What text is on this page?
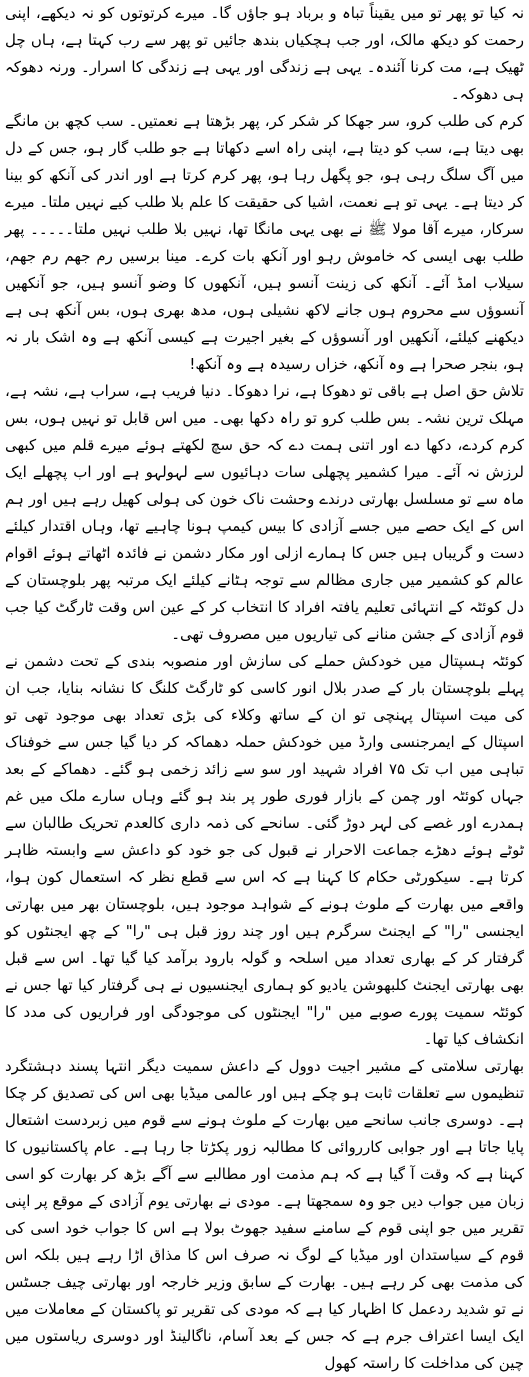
نہ کیا تو پھر تو میں یقیناً تباہ و برباد ہو جاؤں گا۔ میرے کرتوتوں کو نہ دیکھے، اپنی رحمت کو دیکھ مالک، اور جب ہچکیاں بندھ جائیں تو پھر سے رب کہتا ہے، ہاں چل ٹھیک ہے، مت کرنا آئندہ۔ یہی ہے زندگی اور یہی ہے زندگی کا اسرار۔ ورنہ دھوکہ ہی دھوکہ۔

کرم کی طلب کرو، سر جھکا کر شکر کر، پھر بڑھتا ہے نعمتیں۔ سب کچھ بن مانگے بھی دیتا ہے، سب کو دیتا ہے، اپنی راہ اسے دکھاتا ہے جو طلب گار ہو، جس کے دل میں آگ سلگ رہی ہو، جو پگھل رہا ہو، پھر کرم کرتا ہے اور اندر کی آنکھ کو بینا کر دیتا ہے۔ یہی تو ہے نعمت، اشیا کی حقیقت کا علم بلا طلب کیے نہیں ملتا۔ میرے سرکار، میرے آقا مولا ﷺ نے بھی یہی مانگا تھا، نہیں بلا طلب نہیں ملتا۔۔۔۔۔ پھر طلب بھی ایسی کہ خاموش رہو اور آنکھ بات کرے۔ مینا برسیں رم جھم رم جھم، سیلاب امڈ آئے۔ آنکھ کی زینت آنسو ہیں، آنکھوں کا وضو آنسو ہیں، جو آنکھیں آنسوؤں سے محروم ہوں جانے لاکھ نشیلی ہوں، مدھ بھری ہوں، بس آنکھ ہی ہے دیکھنے کیلئے، آنکھیں اور آنسوؤں کے بغیر اجیرت ہے کیسی آنکھ ہے وہ اشک بار نہ ہو، بنجر صحرا ہے وہ آنکھ، خزاں رسیدہ ہے وہ آنکھ!

تلاش حق اصل ہے باقی تو دھوکا ہے، نرا دھوکا۔ دنیا فریب ہے، سراب ہے، نشہ ہے، مہلک ترین نشہ۔ بس طلب کرو تو راہ دکھا بھی۔ میں اس قابل تو نہیں ہوں، بس کرم کردے، دکھا دے اور اتنی ہمت دے کہ حق سچ لکھتے ہوئے میرے قلم میں کبھی لرزش نہ آئے۔ میرا کشمیر پچھلی سات دہائیوں سے لہولہو ہے اور اب پچھلے ایک ماہ سے تو مسلسل بھارتی درندے وحشت ناک خون کی ہولی کھیل رہے ہیں اور ہم اس کے ایک حصے میں جسے آزادی کا بیس کیمپ ہونا چاہیے تھا، وہاں اقتدار کیلئے دست و گریباں ہیں جس کا ہمارے ازلی اور مکار دشمن نے فائدہ اٹھاتے ہوئے اقوام عالم کو کشمیر میں جاری مظالم سے توجہ ہٹانے کیلئے ایک مرتبہ پھر بلوچستان کے دل کوئٹہ کے انتہائی تعلیم یافتہ افراد کا انتخاب کر کے عین اس وقت ٹارگٹ کیا جب قوم آزادی کے جشن منانے کی تیاریوں میں مصروف تھی۔

کوئٹہ ہسپتال میں خودکش حملے کی سازش اور منصوبہ بندی کے تحت دشمن نے پہلے بلوچستان بار کے صدر بلال انور کاسی کو ٹارگٹ کلنگ کا نشانہ بنایا، جب ان کی میت اسپتال پہنچی تو ان کے ساتھ وکلاء کی بڑی تعداد بھی موجود تھی تو اسپتال کے ایمرجنسی وارڈ میں خودکش حملہ دھماکہ کر دیا گیا جس سے خوفناک تباہی میں اب تک ۷۵ افراد شہید اور سو سے زائد زخمی ہو گئے۔ دھماکے کے بعد جہاں کوئٹہ اور چمن کے بازار فوری طور پر بند ہو گئے وہاں سارے ملک میں غم ہمدرے اور غصے کی لہر دوڑ گئی۔ سانحے کی ذمہ داری کالعدم تحریک طالبان سے ٹوٹے ہوئے دھڑے جماعت الاحرار نے قبول کی جو خود کو داعش سے وابستہ ظاہر کرتا ہے۔ سیکورٹی حکام کا کہنا ہے کہ اس سے قطع نظر کہ استعمال کون ہوا، واقعے میں بھارت کے ملوث ہونے کے شواہد موجود ہیں، بلوچستان بھر میں بھارتی ایجنسی "را" کے ایجنٹ سرگرم ہیں اور چند روز قبل ہی "را" کے چھ ایجنٹوں کو گرفتار کر کے بھاری تعداد میں اسلحہ و گولہ بارود برآمد کیا گیا تھا۔ اس سے قبل بھی بھارتی ایجنٹ کلبھوشن یادیو کو ہماری ایجنسیوں نے ہی گرفتار کیا تھا جس نے کوئٹہ سمیت پورے صوبے میں "را" ایجنٹوں کی موجودگی اور فراریوں کی مدد کا انکشاف کیا تھا۔

بھارتی سلامتی کے مشیر اجیت دوول کے داعش سمیت دیگر انتہا پسند دہشتگرد تنظیموں سے تعلقات ثابت ہو چکے ہیں اور عالمی میڈیا بھی اس کی تصدیق کر چکا ہے۔ دوسری جانب سانحے میں بھارت کے ملوث ہونے سے قوم میں زبردست اشتعال پایا جاتا ہے اور جوابی کارروائی کا مطالبہ زور پکڑتا جا رہا ہے۔ عام پاکستانیوں کا کہنا ہے کہ وقت آ گیا ہے کہ ہم مذمت اور مطالبے سے آگے بڑھ کر بھارت کو اسی زبان میں جواب دیں جو وہ سمجھتا ہے۔ مودی نے بھارتی یوم آزادی کے موقع پر اپنی تقریر میں جو اپنی قوم کے سامنے سفید جھوٹ بولا ہے اس کا جواب خود اسی کی قوم کے سیاستدان اور میڈیا کے لوگ نہ صرف اس کا مذاق اڑا رہے ہیں بلکہ اس کی مذمت بھی کر رہے ہیں۔ بھارت کے سابق وزیر خارجہ اور بھارتی چیف جسٹس نے تو شدید ردعمل کا اظہار کیا ہے کہ مودی کی تقریر تو پاکستان کے معاملات میں ایک ایسا اعتراف جرم ہے کہ جس کے بعد آسام، ناگالینڈ اور دوسری ریاستوں میں چین کی مداخلت کا راستہ کھول
